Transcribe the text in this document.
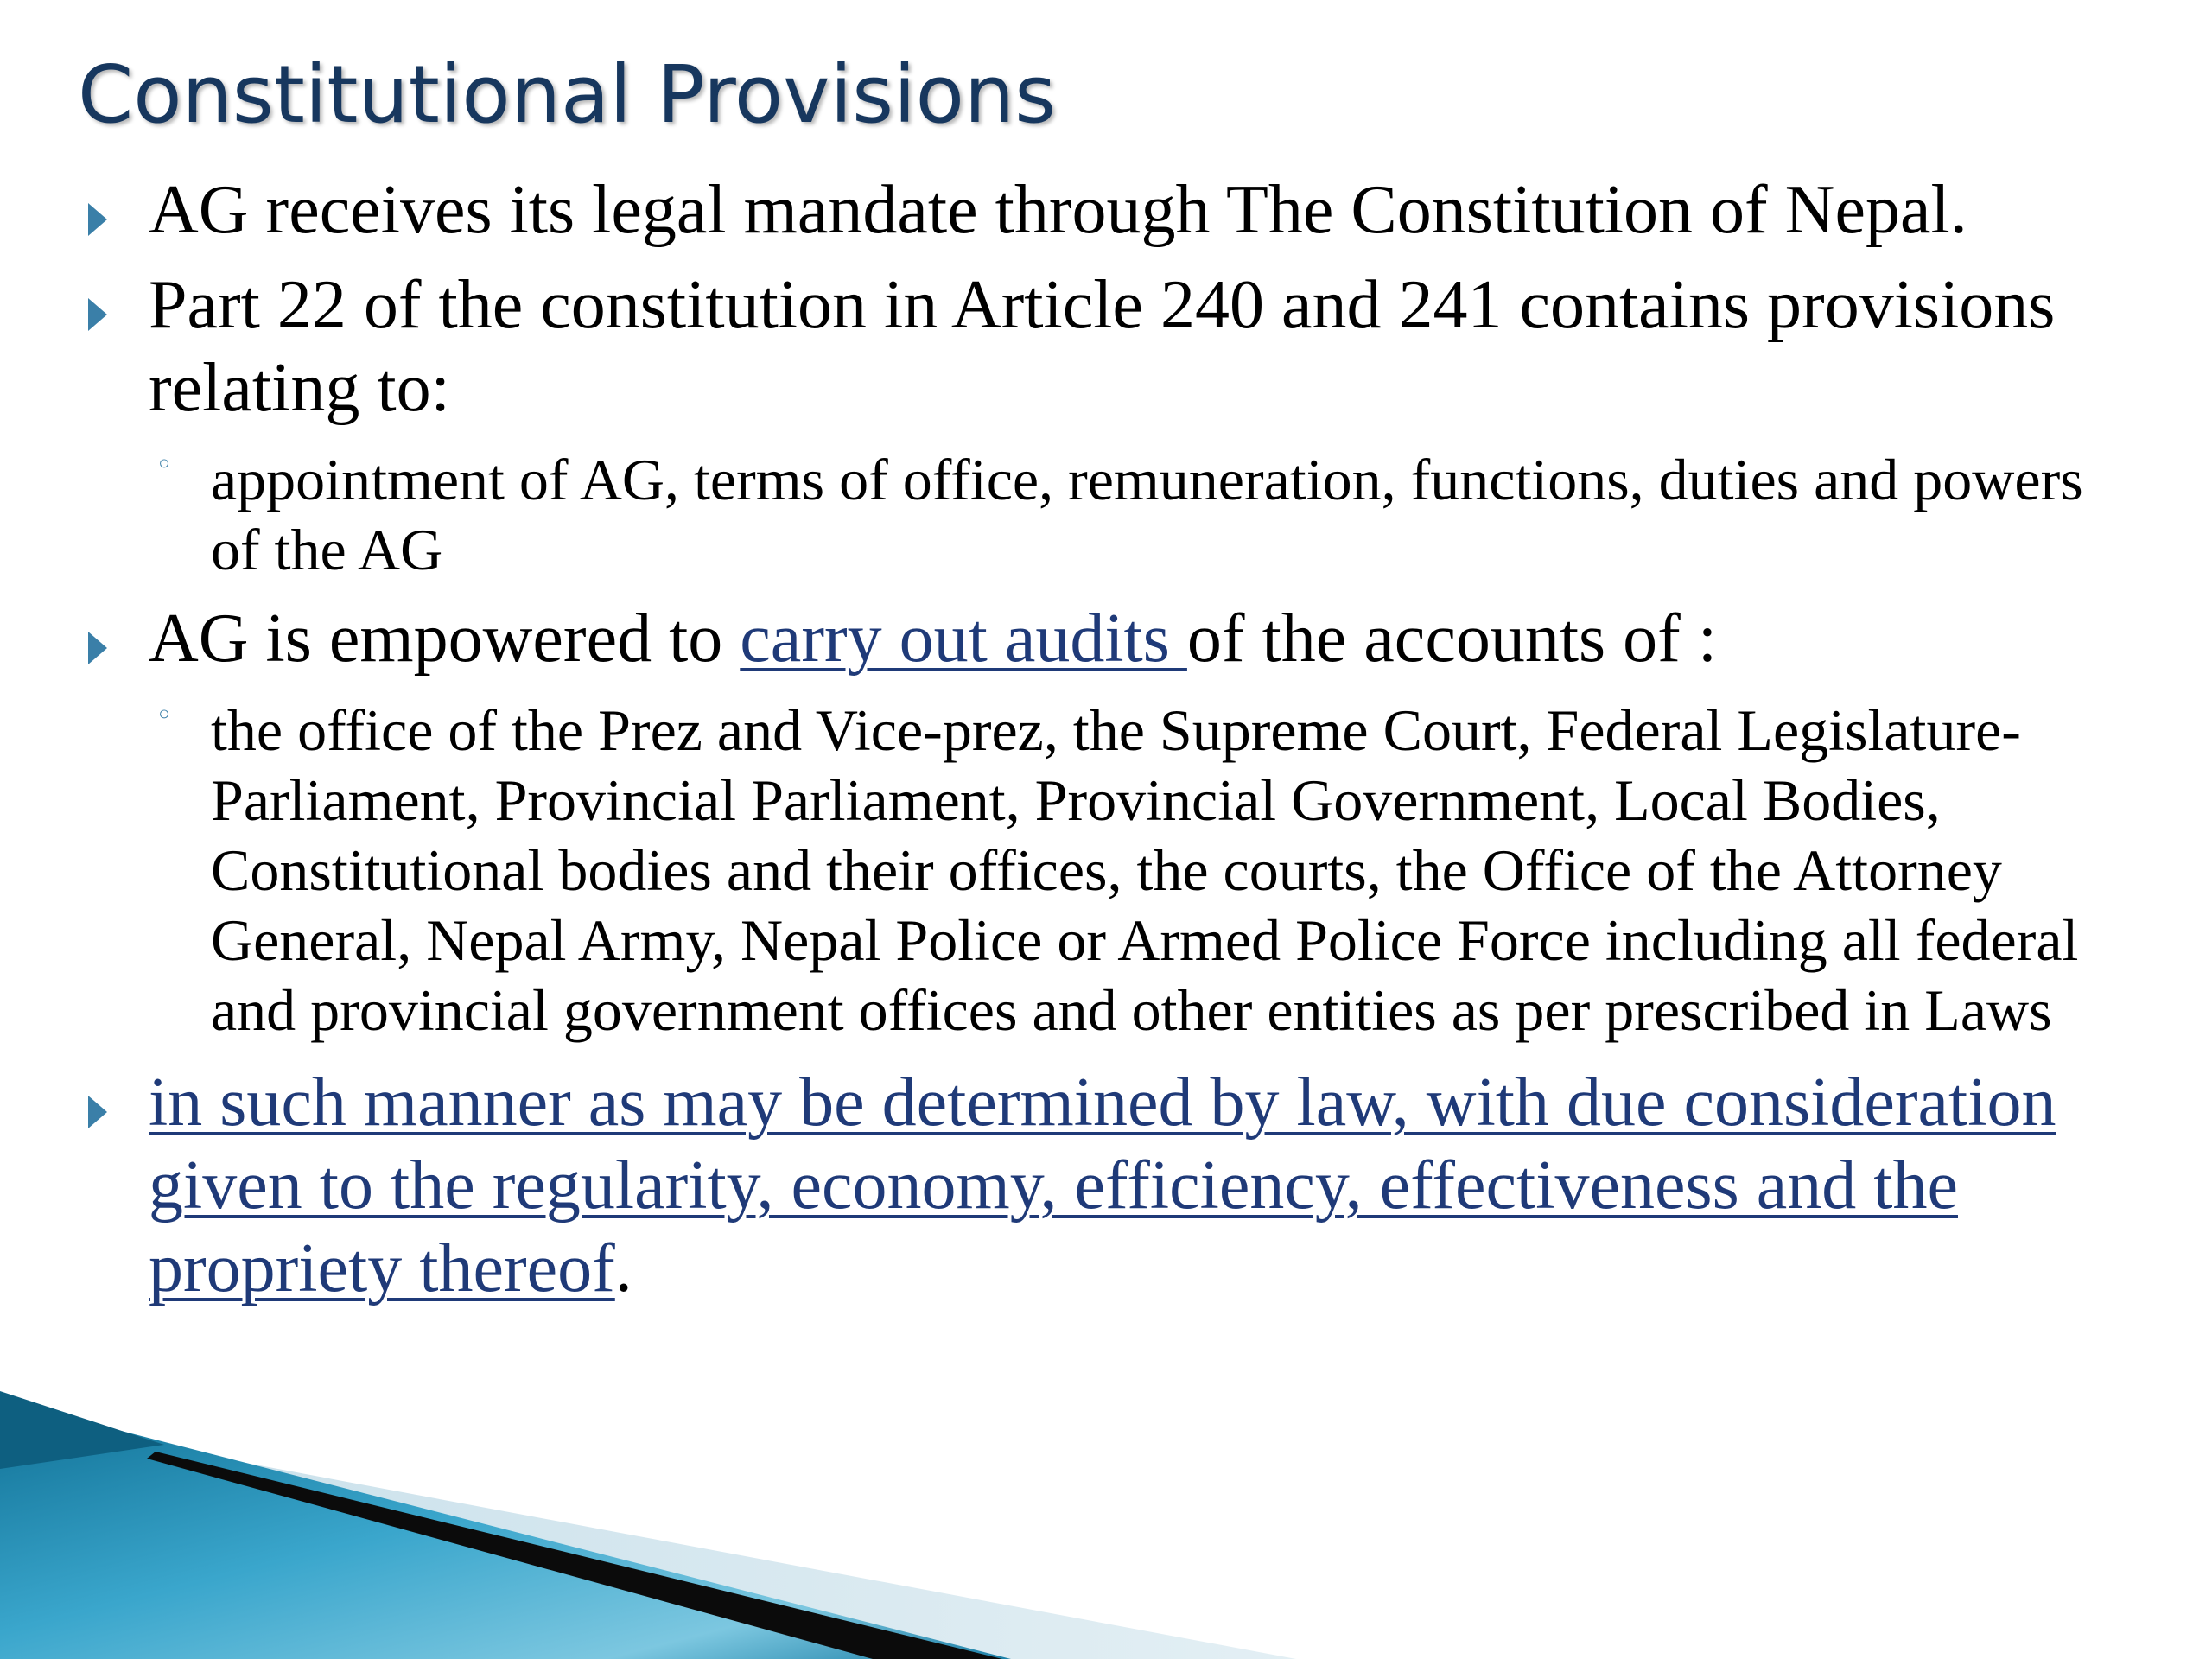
Constitutional Provisions
AG receives its legal mandate through The Constitution of Nepal.
Part 22 of the constitution in Article 240 and 241 contains provisions relating to:
◦ appointment of AG, terms of office, remuneration, functions, duties and powers of the AG
AG is empowered to carry out audits of the accounts of :
◦ the office of the Prez and Vice-prez, the Supreme Court, Federal Legislature-Parliament, Provincial Parliament, Provincial Government, Local Bodies, Constitutional bodies and their offices, the courts, the Office of the Attorney General, Nepal Army, Nepal Police or Armed Police Force including all federal and provincial government offices and other entities as per prescribed in Laws
in such manner as may be determined by law, with due consideration given to the regularity, economy, efficiency, effectiveness and the propriety thereof.
